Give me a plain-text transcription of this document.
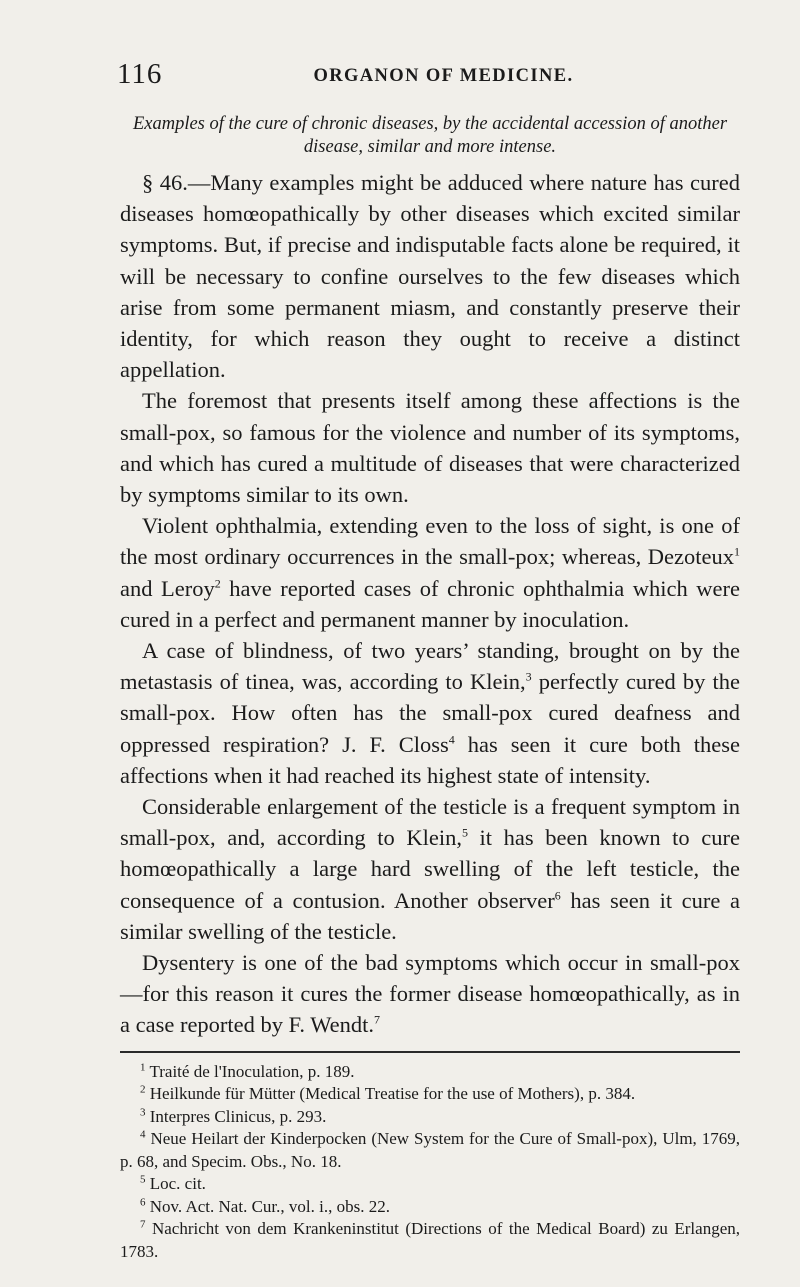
116	ORGANON OF MEDICINE.

Examples of the cure of chronic diseases, by the accidental accession of another disease, similar and more intense.

§ 46.—Many examples might be adduced where nature has cured diseases homœopathically by other diseases which excited similar symptoms. But, if precise and indisputable facts alone be required, it will be necessary to confine ourselves to the few diseases which arise from some permanent miasm, and constantly preserve their identity, for which reason they ought to receive a distinct appellation.

The foremost that presents itself among these affections is the small-pox, so famous for the violence and number of its symptoms, and which has cured a multitude of diseases that were characterized by symptoms similar to its own.

Violent ophthalmia, extending even to the loss of sight, is one of the most ordinary occurrences in the small-pox; whereas, Dezoteux$^1$ and Leroy$^2$ have reported cases of chronic ophthalmia which were cured in a perfect and permanent manner by inoculation.

A case of blindness, of two years’ standing, brought on by the metastasis of tinea, was, according to Klein,$^3$ perfectly cured by the small-pox. How often has the small-pox cured deafness and oppressed respiration? J. F. Closs$^4$ has seen it cure both these affections when it had reached its highest state of intensity.

Considerable enlargement of the testicle is a frequent symptom in small-pox, and, according to Klein,$^5$ it has been known to cure homœopathically a large hard swelling of the left testicle, the consequence of a contusion. Another observer$^6$ has seen it cure a similar swelling of the testicle.

Dysentery is one of the bad symptoms which occur in small-pox —for this reason it cures the former disease homœopathically, as in a case reported by F. Wendt.$^7$

$^1$ Traité de l'Inoculation, p. 189.

$^2$ Heilkunde für Mütter (Medical Treatise for the use of Mothers), p. 384.

$^3$ Interpres Clinicus, p. 293.

$^4$ Neue Heilart der Kinderpocken (New System for the Cure of Small-pox), Ulm, 1769, p. 68, and Specim. Obs., No. 18.

$^5$ Loc. cit.

$^6$ Nov. Act. Nat. Cur., vol. i., obs. 22.

$^7$ Nachricht von dem Krankeninstitut (Directions of the Medical Board) zu Erlangen, 1783.
